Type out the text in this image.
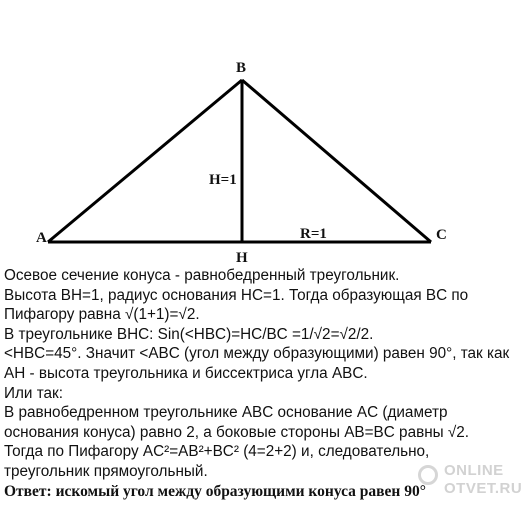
B
A	C
H
H=1
R=1
Осевое сечение конуса - равнобедренный треугольник.
Высота BH=1, радиус основания HC=1. Тогда образующая BC по
Пифагору равна √(1+1)=√2.
В треугольнике BHC: Sin(<HBC)=HC/BC =1/√2=√2/2.
<HBC=45°. Значит <ABC (угол между образующими) равен 90°, так как
AH - высота треугольника и биссектриса угла ABC.
Или так:
В равнобедренном треугольнике ABC основание AC (диаметр
основания конуса) равно 2, а боковые стороны AB=BC равны √2.
Тогда по Пифагору AC²=AB²+BC² (4=2+2) и, следовательно,
треугольник прямоугольный.
Ответ: искомый угол между образующими конуса равен 90°
ONLINE
OTVET.RU
